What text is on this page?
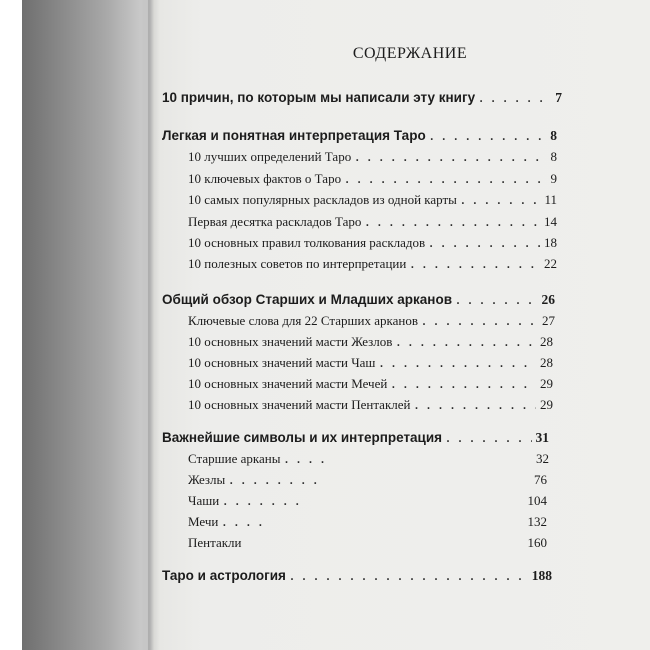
СОДЕРЖАНИЕ
10 причин, по которым мы написали эту книгу . . .	7
Легкая и понятная интерпретация Таро . . .	8
10 лучших определений Таро . . .	8
10 ключевых фактов о Таро . . .	9
10 самых популярных раскладов из одной карты . . .	11
Первая десятка раскладов Таро . . .	14
10 основных правил толкования раскладов . . .	18
10 полезных советов по интерпретации . . .	22
Общий обзор Старших и Младших арканов . . .	26
Ключевые слова для 22 Старших арканов . . .	27
10 основных значений масти Жезлов . . .	28
10 основных значений масти Чаш . . .	28
10 основных значений масти Мечей . . .	29
10 основных значений масти Пентаклей . . .	29
Важнейшие символы и их интерпретация . . .	31
Старшие арканы . . .	32
Жезлы . . .	76
Чаши . . .	104
Мечи . . .	132
Пентакли	160
Таро и астрология . . .	188
